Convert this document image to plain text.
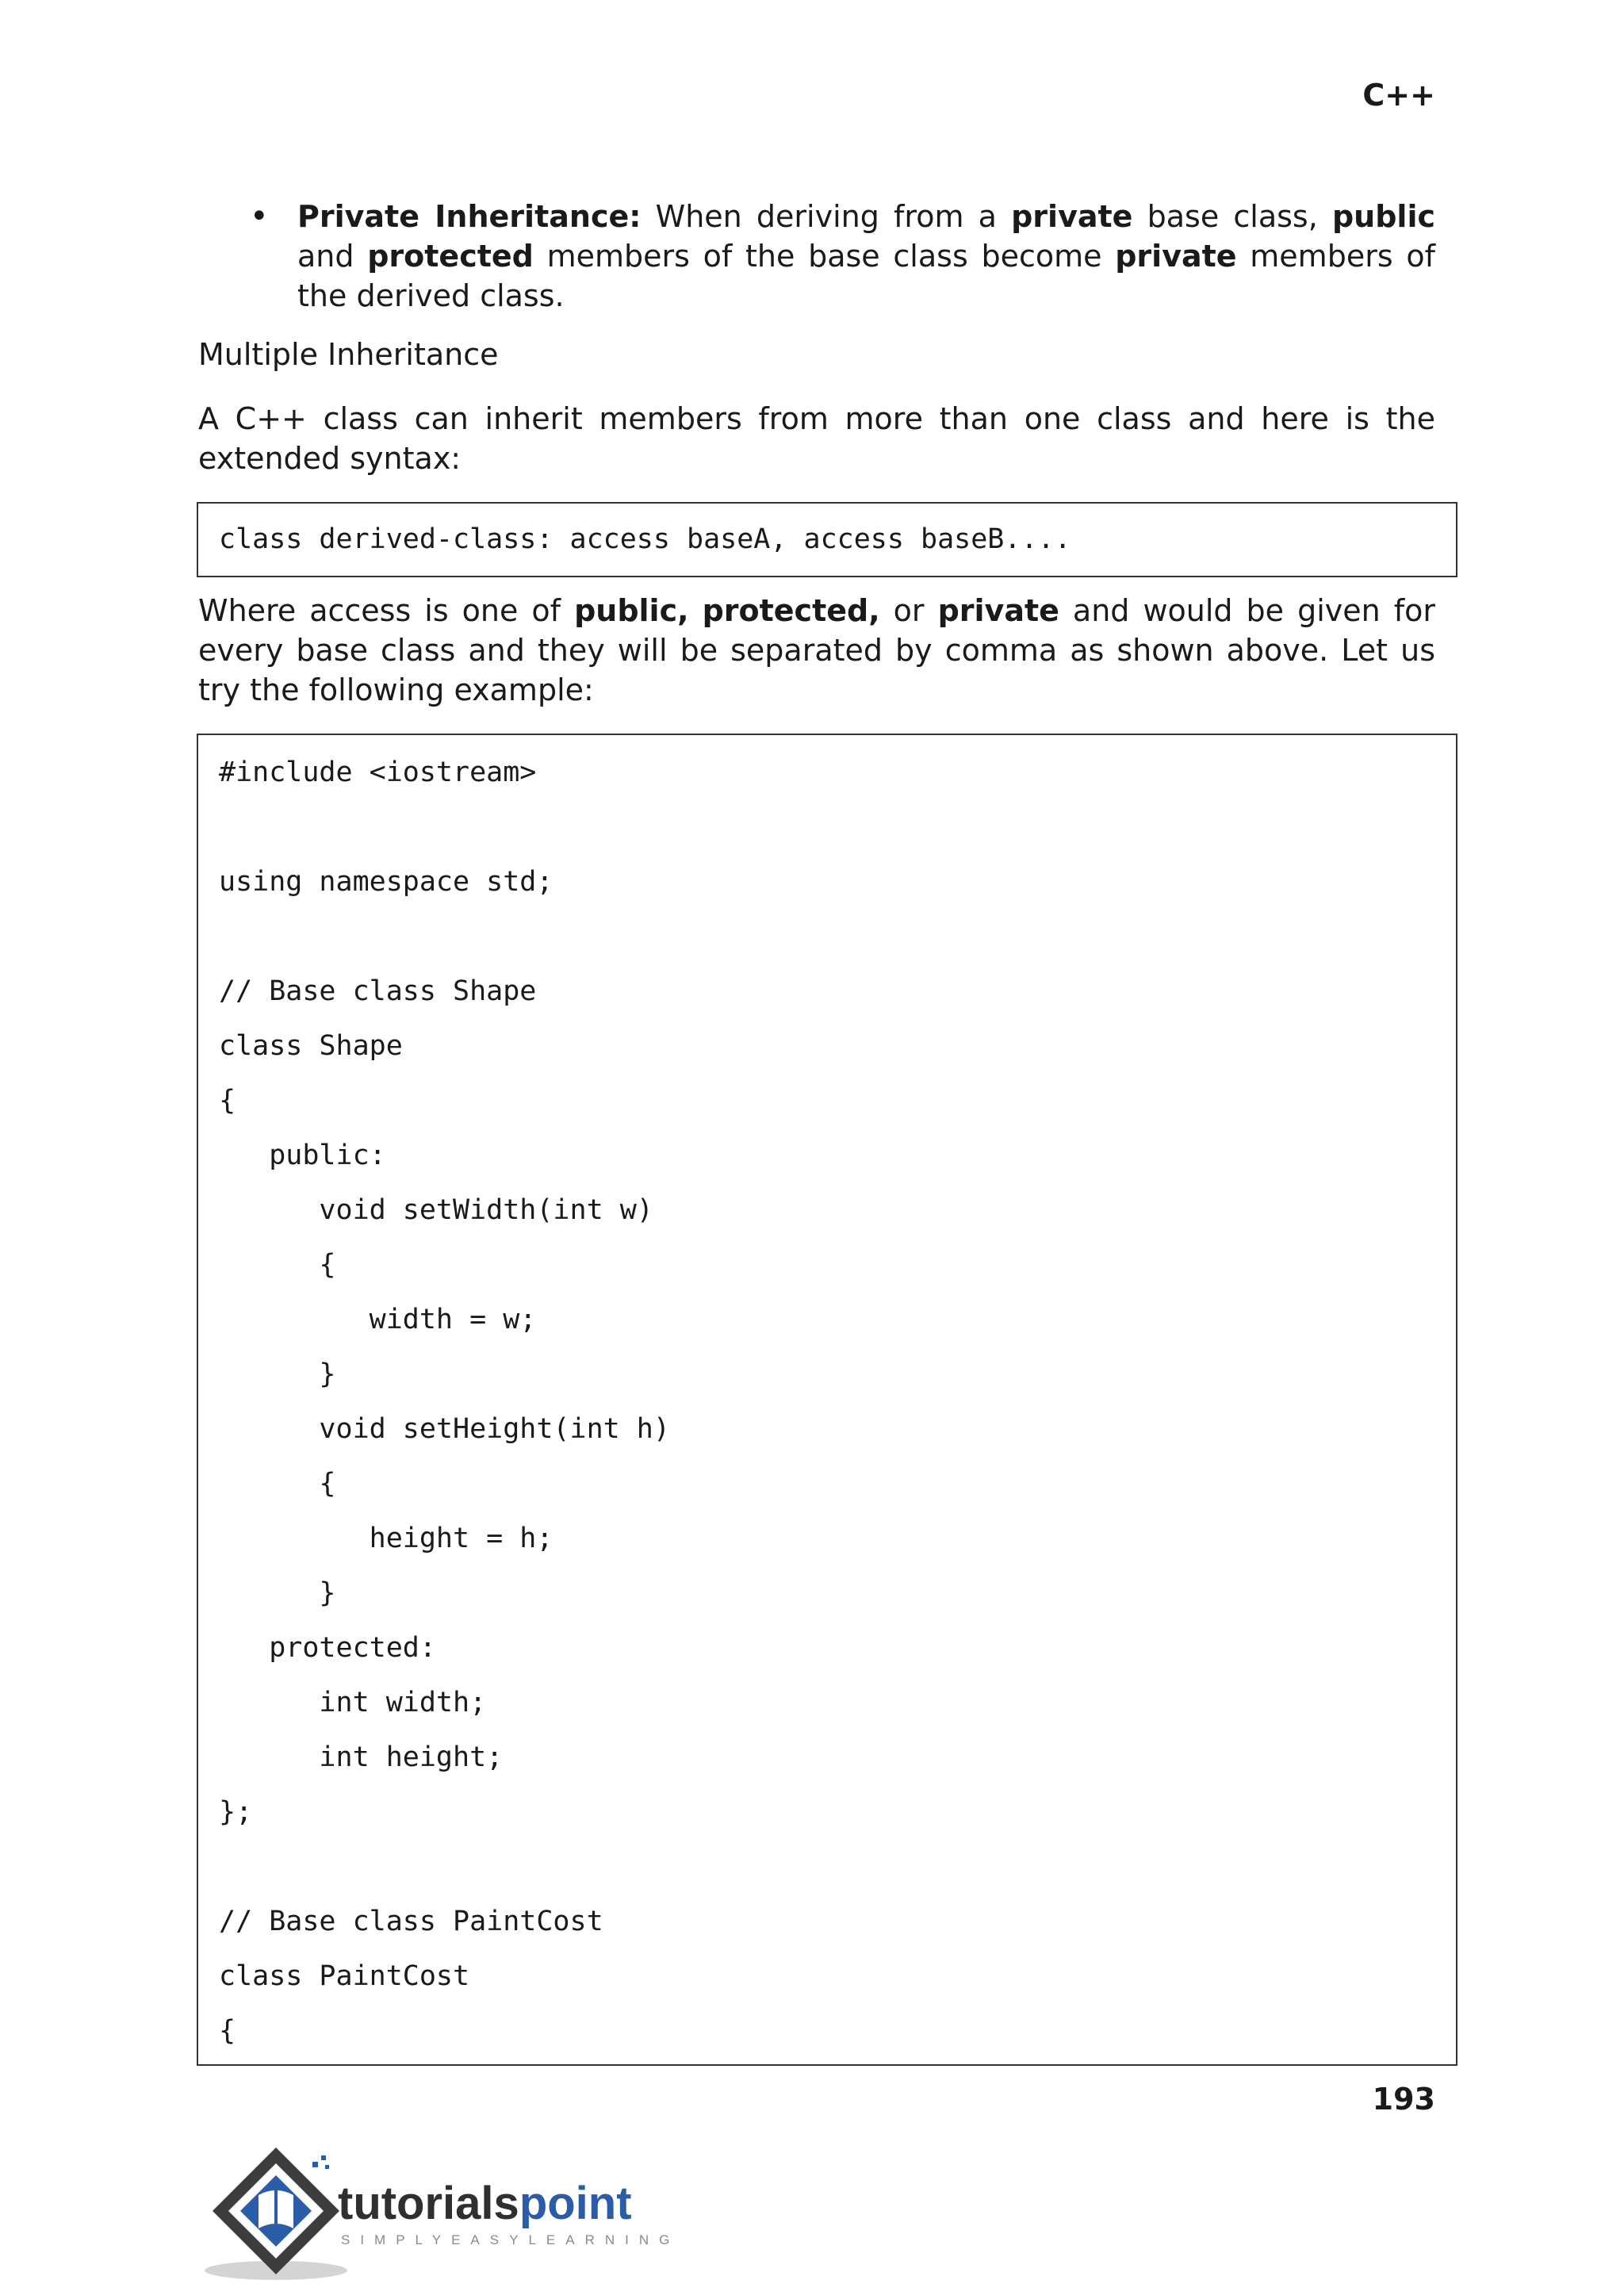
C++
• Private Inheritance: When deriving from a private base class, public and protected members of the base class become private members of the derived class.
Multiple Inheritance

A C++ class can inherit members from more than one class and here is the extended syntax:

class derived-class: access baseA, access baseB....

Where access is one of public, protected, or private and would be given for every base class and they will be separated by comma as shown above. Let us try the following example:

#include <iostream>
using namespace std;
// Base class Shape
class Shape
{
public:
void setWidth(int w)
{
width = w;
}
void setHeight(int h)
{
height = h;
}
protected:
int width;
int height;
};
// Base class PaintCost
class PaintCost
{
193
tutorialspoint
SIMPLYEASYLEARNING
